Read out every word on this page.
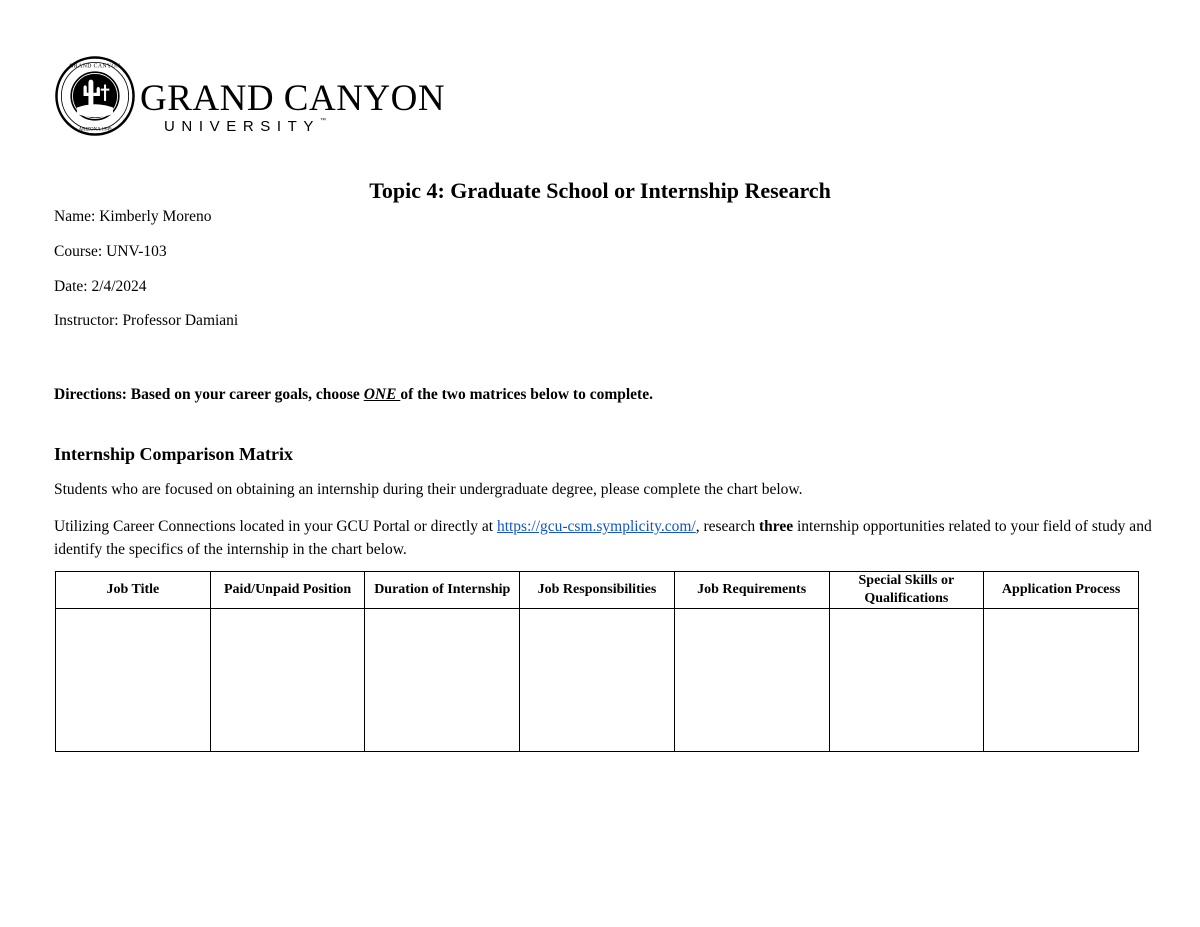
GRAND CANYON
ARIZONA 1949
GRAND CANYON
UNIVERSITY™
Topic 4: Graduate School or Internship Research
Name: Kimberly Moreno
Course: UNV-103
Date: 2/4/2024
Instructor: Professor Damiani
Directions: Based on your career goals, choose ONE of the two matrices below to complete.
Internship Comparison Matrix
Students who are focused on obtaining an internship during their undergraduate degree, please complete the chart below.
Utilizing Career Connections located in your GCU Portal or directly at https://gcu-csm.symplicity.com/, research three internship opportunities related to your field of study and identify the specifics of the internship in the chart below.
Job Title	Paid/Unpaid Position	Duration of Internship	Job Responsibilities	Job Requirements	Special Skills or Qualifications	Application Process
